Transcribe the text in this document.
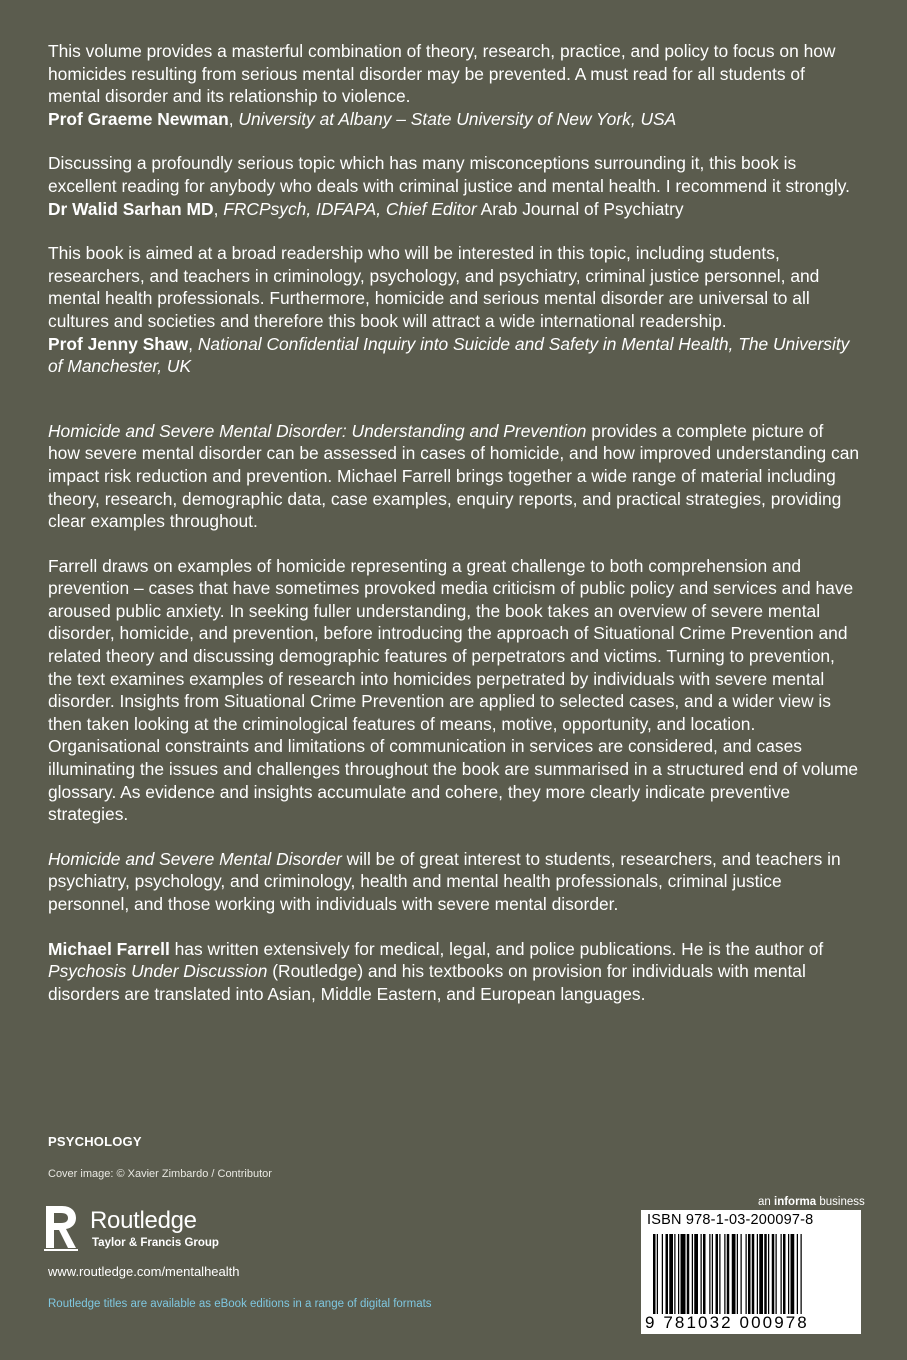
This volume provides a masterful combination of theory, research, practice, and policy to focus on how homicides resulting from serious mental disorder may be prevented. A must read for all students of mental disorder and its relationship to violence.

Prof Graeme Newman, University at Albany – State University of New York, USA

Discussing a profoundly serious topic which has many misconceptions surrounding it, this book is excellent reading for anybody who deals with criminal justice and mental health. I recommend it strongly.

Dr Walid Sarhan MD, FRCPsych, IDFAPA, Chief Editor Arab Journal of Psychiatry

This book is aimed at a broad readership who will be interested in this topic, including students, researchers, and teachers in criminology, psychology, and psychiatry, criminal justice personnel, and mental health professionals. Furthermore, homicide and serious mental disorder are universal to all cultures and societies and therefore this book will attract a wide international readership.

Prof Jenny Shaw, National Confidential Inquiry into Suicide and Safety in Mental Health, The University of Manchester, UK

Homicide and Severe Mental Disorder: Understanding and Prevention provides a complete picture of how severe mental disorder can be assessed in cases of homicide, and how improved understanding can impact risk reduction and prevention. Michael Farrell brings together a wide range of material including theory, research, demographic data, case examples, enquiry reports, and practical strategies, providing clear examples throughout.

Farrell draws on examples of homicide representing a great challenge to both comprehension and prevention – cases that have sometimes provoked media criticism of public policy and services and have aroused public anxiety. In seeking fuller understanding, the book takes an overview of severe mental disorder, homicide, and prevention, before introducing the approach of Situational Crime Prevention and related theory and discussing demographic features of perpetrators and victims. Turning to prevention, the text examines examples of research into homicides perpetrated by individuals with severe mental disorder. Insights from Situational Crime Prevention are applied to selected cases, and a wider view is then taken looking at the criminological features of means, motive, opportunity, and location. Organisational constraints and limitations of communication in services are considered, and cases illuminating the issues and challenges throughout the book are summarised in a structured end of volume glossary. As evidence and insights accumulate and cohere, they more clearly indicate preventive strategies.

Homicide and Severe Mental Disorder will be of great interest to students, researchers, and teachers in psychiatry, psychology, and criminology, health and mental health professionals, criminal justice personnel, and those working with individuals with severe mental disorder.

Michael Farrell has written extensively for medical, legal, and police publications. He is the author of Psychosis Under Discussion (Routledge) and his textbooks on provision for individuals with mental disorders are translated into Asian, Middle Eastern, and European languages.

PSYCHOLOGY
Cover image: © Xavier Zimbardo / Contributor
Routledge
Taylor & Francis Group
www.routledge.com/mentalhealth
Routledge titles are available as eBook editions in a range of digital formats
an informa business
ISBN 978-1-03-200097-8
9 781032 000978
